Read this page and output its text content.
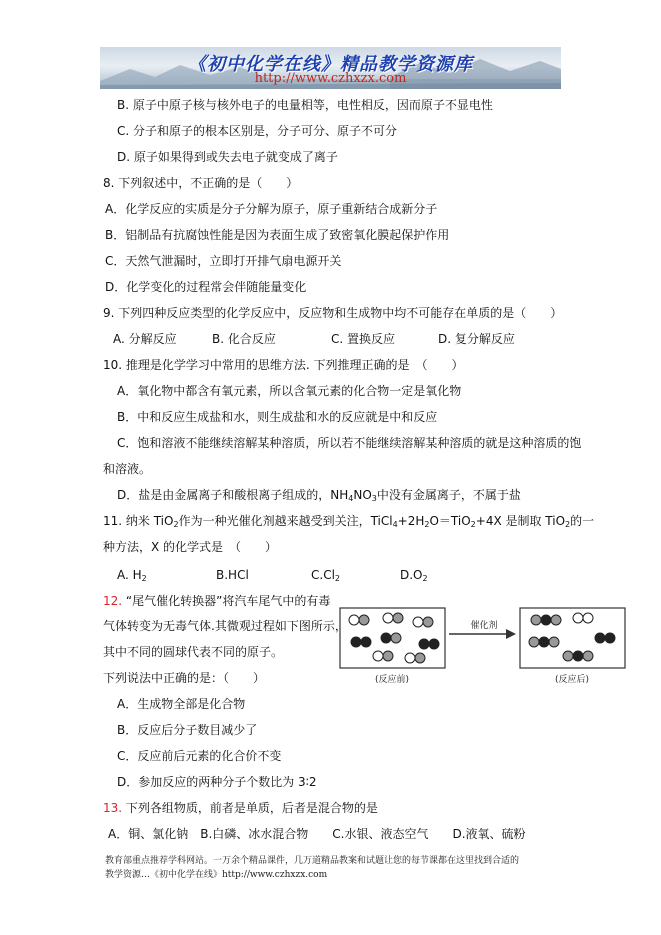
《初中化学在线》精品教学资源库
http://www.czhxzx.com
B. 原子中原子核与核外电子的电量相等，电性相反，因而原子不显电性
C. 分子和原子的根本区别是，分子可分、原子不可分
D. 原子如果得到或失去电子就变成了离子
8. 下列叙述中，不正确的是（　　）
A．化学反应的实质是分子分解为原子，原子重新结合成新分子
B．铝制品有抗腐蚀性能是因为表面生成了致密氧化膜起保护作用
C．天然气泄漏时，立即打开排气扇电源开关
D．化学变化的过程常会伴随能量变化
9. 下列四种反应类型的化学反应中，反应物和生成物中均不可能存在单质的是（　　）
A. 分解反应	B. 化合反应	C. 置换反应	D. 复分解反应
10. 推理是化学学习中常用的思维方法. 下列推理正确的是　（　　）
A．氧化物中都含有氧元素，所以含氧元素的化合物一定是氧化物
B．中和反应生成盐和水，则生成盐和水的反应就是中和反应
C．饱和溶液不能继续溶解某种溶质，所以若不能继续溶解某种溶质的就是这种溶质的饱
和溶液。
D．盐是由金属离子和酸根离子组成的，$NH_4NO_3$中没有金属离子，不属于盐
11. 纳米 TiO$_2$作为一种光催化剂越来越受到关注，$TiCl_4+2H_2O=TiO_2+4X$ 是制取 TiO$_2$的一
种方法，X 的化学式是　（　　）
A. $H_2$	B.HCl	$C.Cl_2$	$D.O_2$
12. “尾气催化转换器”将汽车尾气中的有毒
气体转变为无毒气体.其微观过程如下图所示，
其中不同的圆球代表不同的原子。
下列说法中正确的是：（　　）
A．生成物全部是化合物
B．反应后分子数目减少了
C．反应前后元素的化合价不变
D．参加反应的两种分子个数比为 3∶2
催化剂
(反应前)	(反应后)
13. 下列各组物质，前者是单质，后者是混合物的是
A．铜、氯化钠　B.白磷、冰水混合物　　C.水银、液态空气　　D.液氧、硫粉
教育部重点推荐学科网站。一万余个精品课件，几万道精品教案和试题让您的每节课都在这里找到合适的
教学资源…《初中化学在线》http://www.czhxzx.com
